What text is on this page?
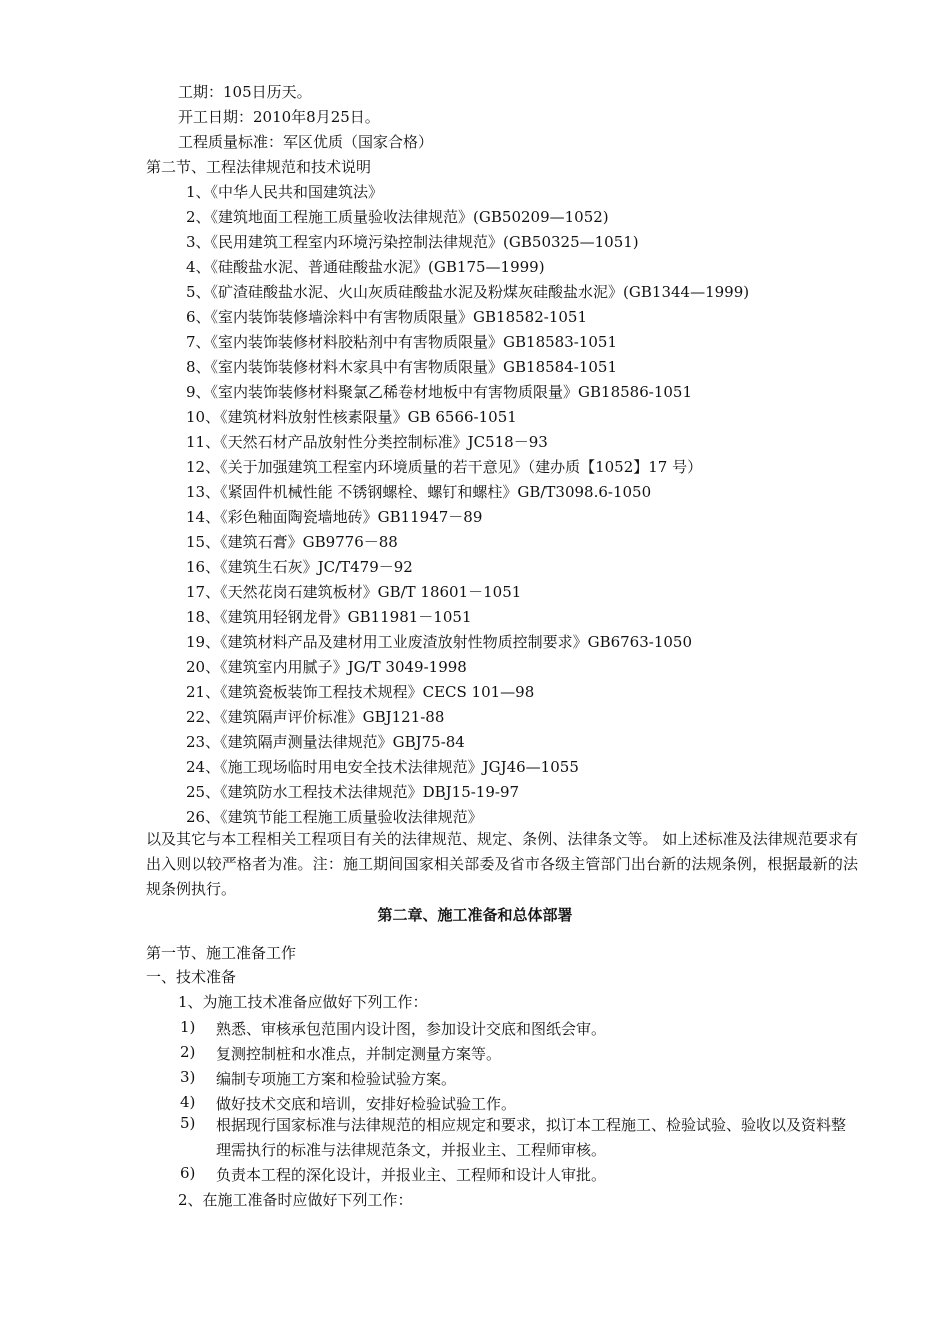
工期：105日历天。
开工日期：2010年8月25日。
工程质量标准：军区优质（国家合格）
第二节、工程法律规范和技术说明
1、《中华人民共和国建筑法》
2、《建筑地面工程施工质量验收法律规范》(GB50209—1052)
3、《民用建筑工程室内环境污染控制法律规范》(GB50325—1051)
4、《硅酸盐水泥、普通硅酸盐水泥》(GB175—1999)
5、《矿渣硅酸盐水泥、火山灰质硅酸盐水泥及粉煤灰硅酸盐水泥》(GB1344—1999)
6、《室内装饰装修墙涂料中有害物质限量》GB18582-1051
7、《室内装饰装修材料胶粘剂中有害物质限量》GB18583-1051
8、《室内装饰装修材料木家具中有害物质限量》GB18584-1051
9、《室内装饰装修材料聚氯乙稀卷材地板中有害物质限量》GB18586-1051
10、《建筑材料放射性核素限量》GB 6566-1051
11、《天然石材产品放射性分类控制标准》JC518－93
12、《关于加强建筑工程室内环境质量的若干意见》（建办质【1052】17 号）
13、《紧固件机械性能 不锈钢螺栓、螺钉和螺柱》GB/T3098.6-1050
14、《彩色釉面陶瓷墙地砖》GB11947－89
15、《建筑石膏》GB9776－88
16、《建筑生石灰》JC/T479－92
17、《天然花岗石建筑板材》GB/T 18601－1051
18、《建筑用轻钢龙骨》GB11981－1051
19、《建筑材料产品及建材用工业废渣放射性物质控制要求》GB6763-1050
20、《建筑室内用腻子》JG/T 3049-1998
21、《建筑瓷板装饰工程技术规程》CECS 101—98
22、《建筑隔声评价标准》GBJ121-88
23、《建筑隔声测量法律规范》GBJ75-84
24、《施工现场临时用电安全技术法律规范》JGJ46—1055
25、《建筑防水工程技术法律规范》DBJ15-19-97
26、《建筑节能工程施工质量验收法律规范》
以及其它与本工程相关工程项目有关的法律规范、规定、条例、法律条文等。 如上述标准及法律规范要求有出入则以较严格者为准。注：施工期间国家相关部委及省市各级主管部门出台新的法规条例，根据最新的法规条例执行。
第二章、施工准备和总体部署
第一节、施工准备工作
一、技术准备
1、为施工技术准备应做好下列工作：
1) 熟悉、审核承包范围内设计图，参加设计交底和图纸会审。
2) 复测控制桩和水准点，并制定测量方案等。
3) 编制专项施工方案和检验试验方案。
4) 做好技术交底和培训，安排好检验试验工作。
5) 根据现行国家标准与法律规范的相应规定和要求，拟订本工程施工、检验试验、验收以及资料整理需执行的标准与法律规范条文，并报业主、工程师审核。
6) 负责本工程的深化设计，并报业主、工程师和设计人审批。
2、在施工准备时应做好下列工作：
